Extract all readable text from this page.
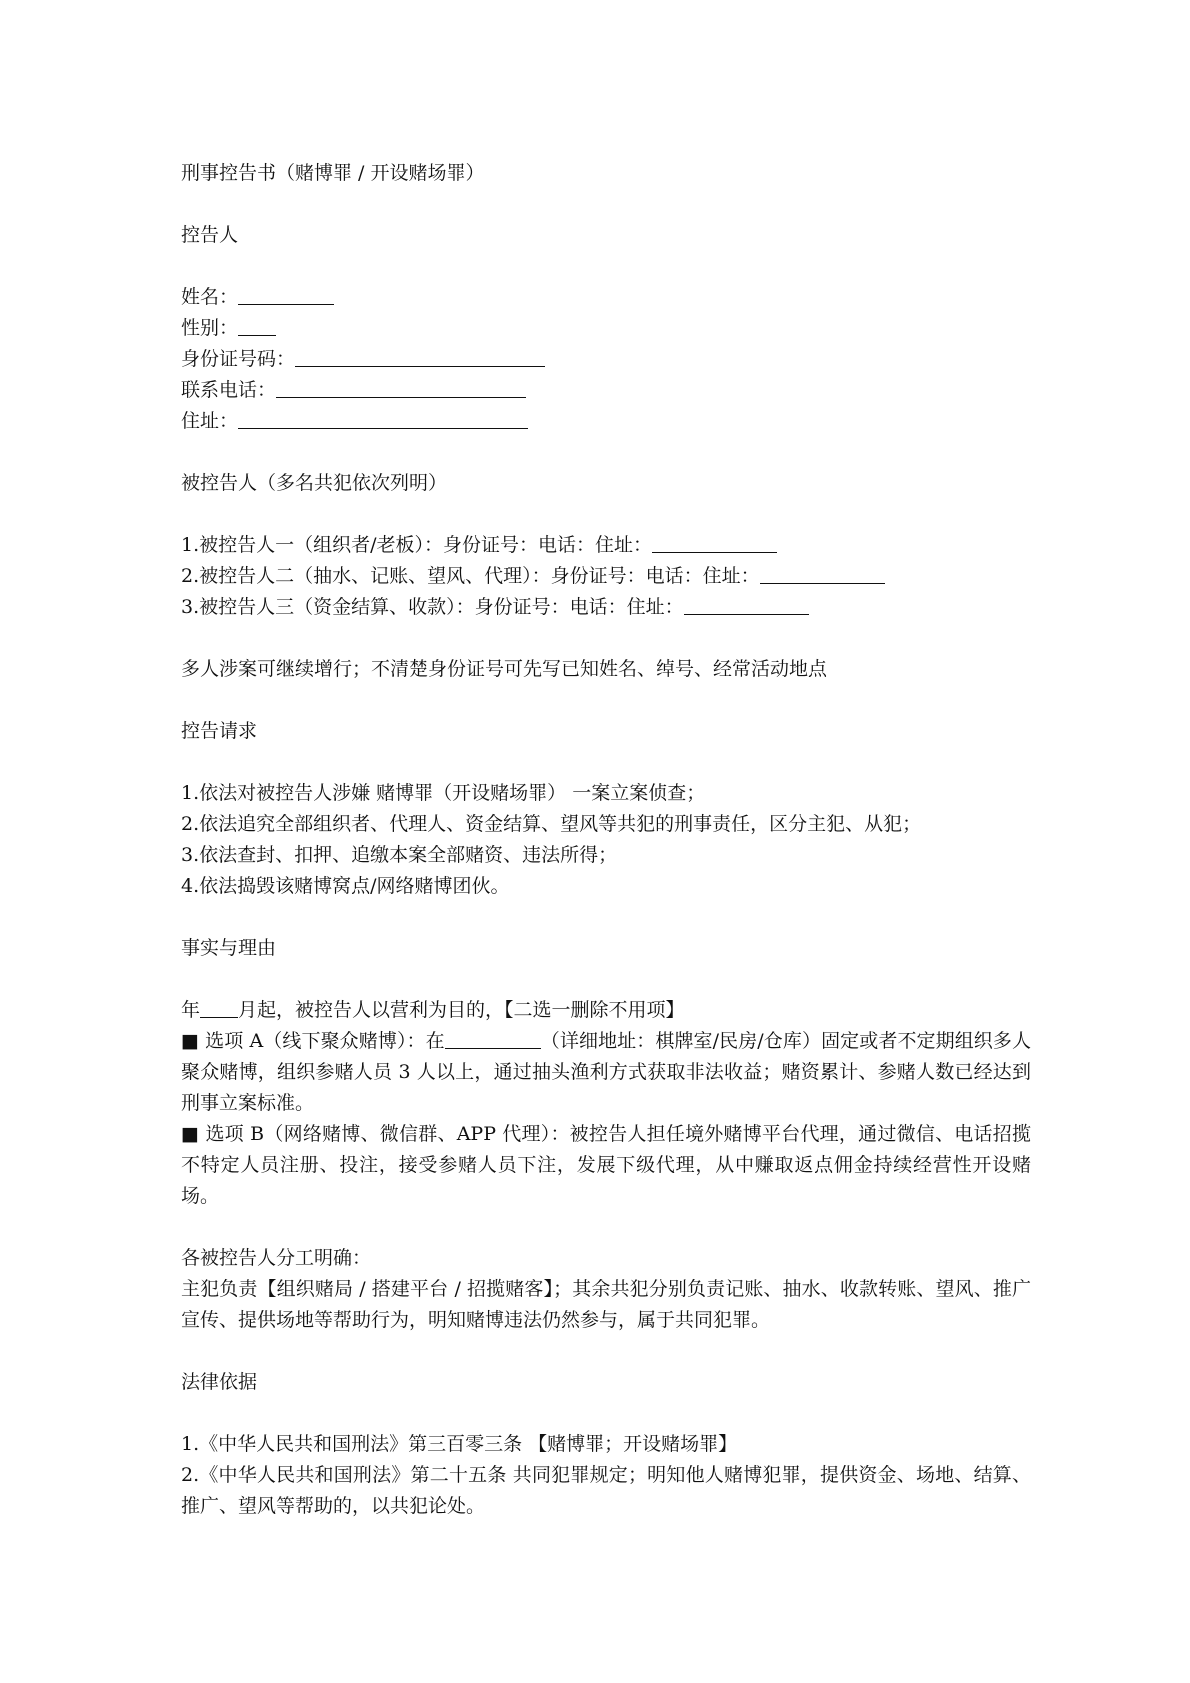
刑事控告书（赌博罪 / 开设赌场罪）

控告人

姓名：

性别：

身份证号码：

联系电话：

住址：

被控告人（多名共犯依次列明）

1.被控告人一（组织者/老板）：身份证号：电话：住址：

2.被控告人二（抽水、记账、望风、代理）：身份证号：电话：住址：

3.被控告人三（资金结算、收款）：身份证号：电话：住址：

多人涉案可继续增行；不清楚身份证号可先写已知姓名、绰号、经常活动地点

控告请求

1.依法对被控告人涉嫌 赌博罪（开设赌场罪） 一案立案侦查；

2.依法追究全部组织者、代理人、资金结算、望风等共犯的刑事责任，区分主犯、从犯；

3.依法查封、扣押、追缴本案全部赌资、违法所得；

4.依法捣毁该赌博窝点/网络赌博团伙。

事实与理由

年 月起，被控告人以营利为目的，【二选一删除不用项】

■ 选项 A（线下聚众赌博）：在	（详细地址：棋牌室/民房/仓库）固定或者不定期组织多人聚众赌博，组织参赌人员 3 人以上，通过抽头渔利方式获取非法收益；赌资累计、参赌人数已经达到刑事立案标准。

■ 选项 B（网络赌博、微信群、APP 代理）：被控告人担任境外赌博平台代理，通过微信、电话招揽不特定人员注册、投注，接受参赌人员下注，发展下级代理，从中赚取返点佣金持续经营性开设赌场。

各被控告人分工明确：

主犯负责【组织赌局 / 搭建平台 / 招揽赌客】；其余共犯分别负责记账、抽水、收款转账、望风、推广宣传、提供场地等帮助行为，明知赌博违法仍然参与，属于共同犯罪。

法律依据

1.《中华人民共和国刑法》第三百零三条 【赌博罪；开设赌场罪】

2.《中华人民共和国刑法》第二十五条 共同犯罪规定；明知他人赌博犯罪，提供资金、场地、结算、推广、望风等帮助的，以共犯论处。
